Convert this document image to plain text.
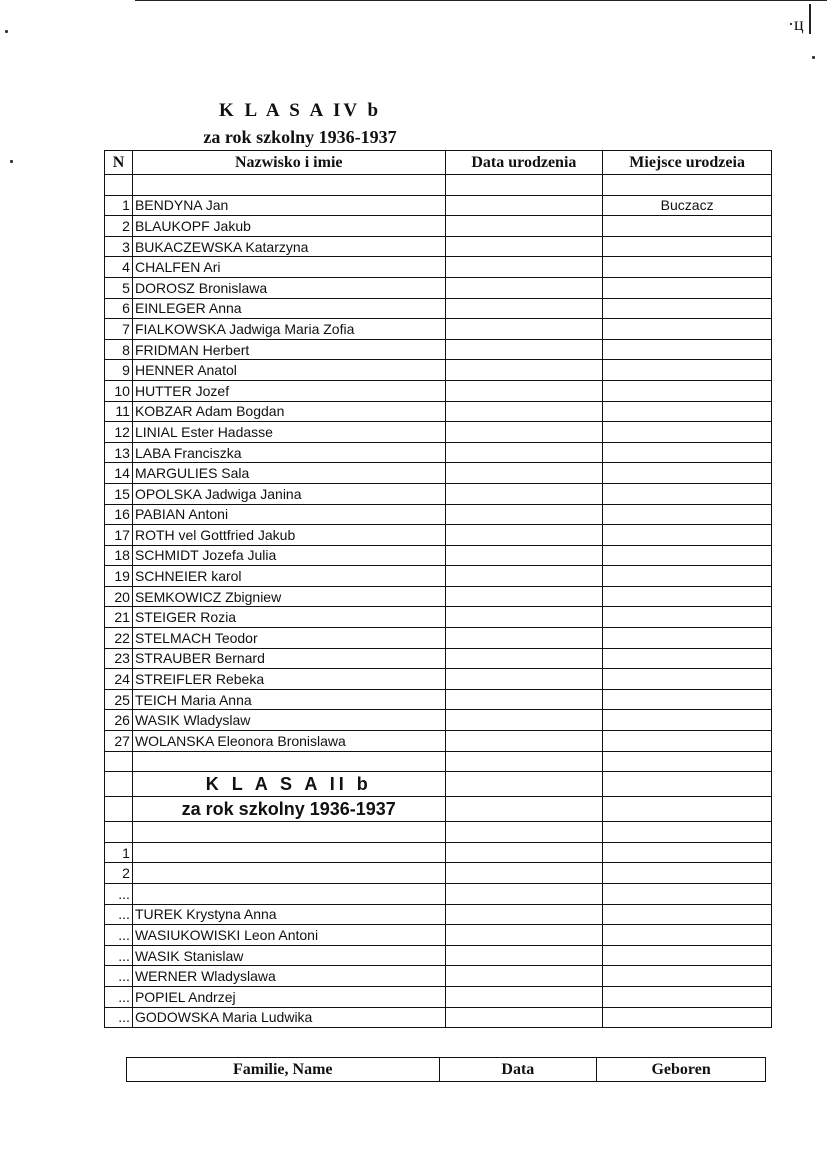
·ц
K L A S A IV b
za rok szkolny 1936-1937
N	Nazwisko i imie	Data urodzenia	Miejsce urodzeia

1	BENDYNA Jan		Buczacz
2	BLAUKOPF Jakub		
3	BUKACZEWSKA Katarzyna		
4	CHALFEN Ari		
5	DOROSZ Bronislawa		
6	EINLEGER Anna		
7	FIALKOWSKA Jadwiga Maria Zofia		
8	FRIDMAN Herbert		
9	HENNER Anatol		
10	HUTTER Jozef		
11	KOBZAR Adam Bogdan		
12	LINIAL Ester Hadasse		
13	LABA Franciszka		
14	MARGULIES Sala		
15	OPOLSKA Jadwiga Janina		
16	PABIAN Antoni		
17	ROTH vel Gottfried Jakub		
18	SCHMIDT Jozefa Julia		
19	SCHNEIER karol		
20	SEMKOWICZ Zbigniew		
21	STEIGER Rozia		
22	STELMACH Teodor		
23	STRAUBER Bernard		
24	STREIFLER Rebeka		
25	TEICH Maria Anna		
26	WASIK Wladyslaw		
27	WOLANSKA Eleonora Bronislawa		

	K L A S A II b		
	za rok szkolny 1936-1937		

1			
2			
...			
...	TUREK Krystyna Anna		
...	WASIUKOWISKI Leon Antoni		
...	WASIK Stanislaw		
...	WERNER Wladyslawa		
...	POPIEL Andrzej		
...	GODOWSKA Maria Ludwika		
Familie, Name	Data	Geboren
